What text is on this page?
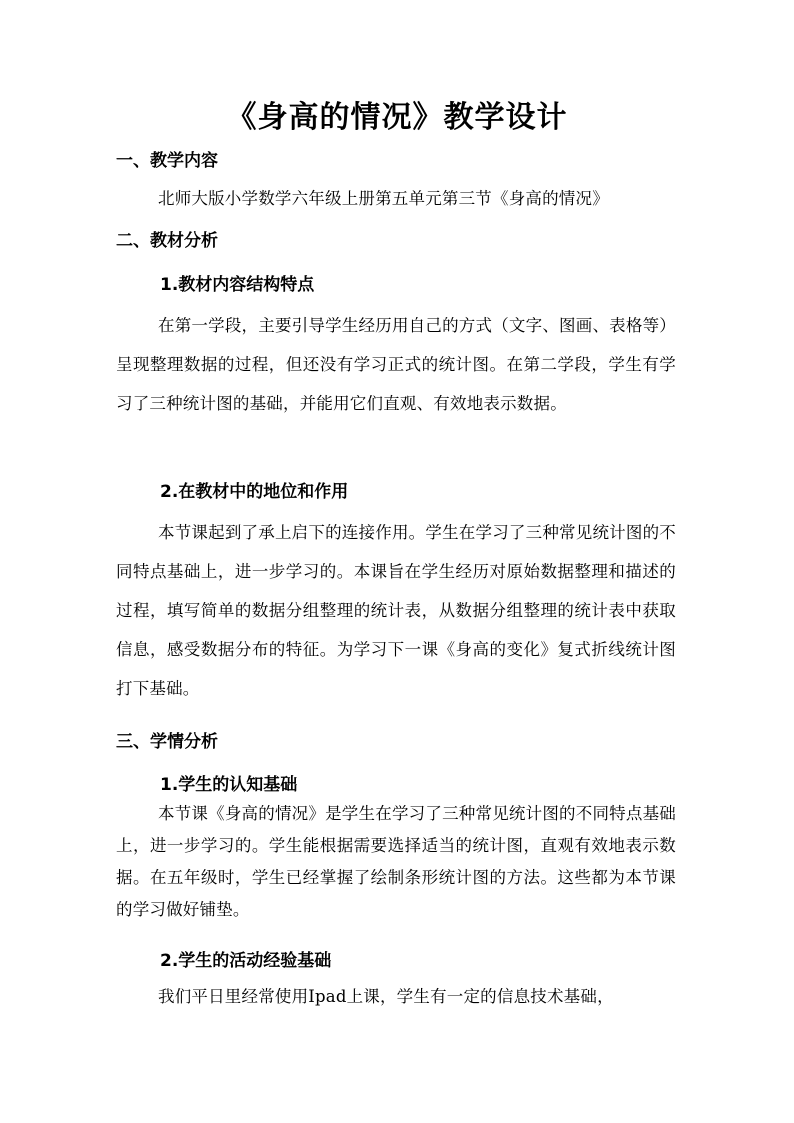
《身高的情况》教学设计
一、教学内容

北师大版小学数学六年级上册第五单元第三节《身高的情况》

二、教材分析
1.教材内容结构特点

在第一学段，主要引导学生经历用自己的方式（文字、图画、表格等）呈现整理数据的过程，但还没有学习正式的统计图。在第二学段，学生有学习了三种统计图的基础，并能用它们直观、有效地表示数据。

2.在教材中的地位和作用

本节课起到了承上启下的连接作用。学生在学习了三种常见统计图的不同特点基础上，进一步学习的。本课旨在学生经历对原始数据整理和描述的过程，填写简单的数据分组整理的统计表，从数据分组整理的统计表中获取信息，感受数据分布的特征。为学习下一课《身高的变化》复式折线统计图打下基础。

三、学情分析
1.学生的认知基础

本节课《身高的情况》是学生在学习了三种常见统计图的不同特点基础上，进一步学习的。学生能根据需要选择适当的统计图，直观有效地表示数据。在五年级时，学生已经掌握了绘制条形统计图的方法。这些都为本节课的学习做好铺垫。

2.学生的活动经验基础

我们平日里经常使用Ipad上课，学生有一定的信息技术基础，
